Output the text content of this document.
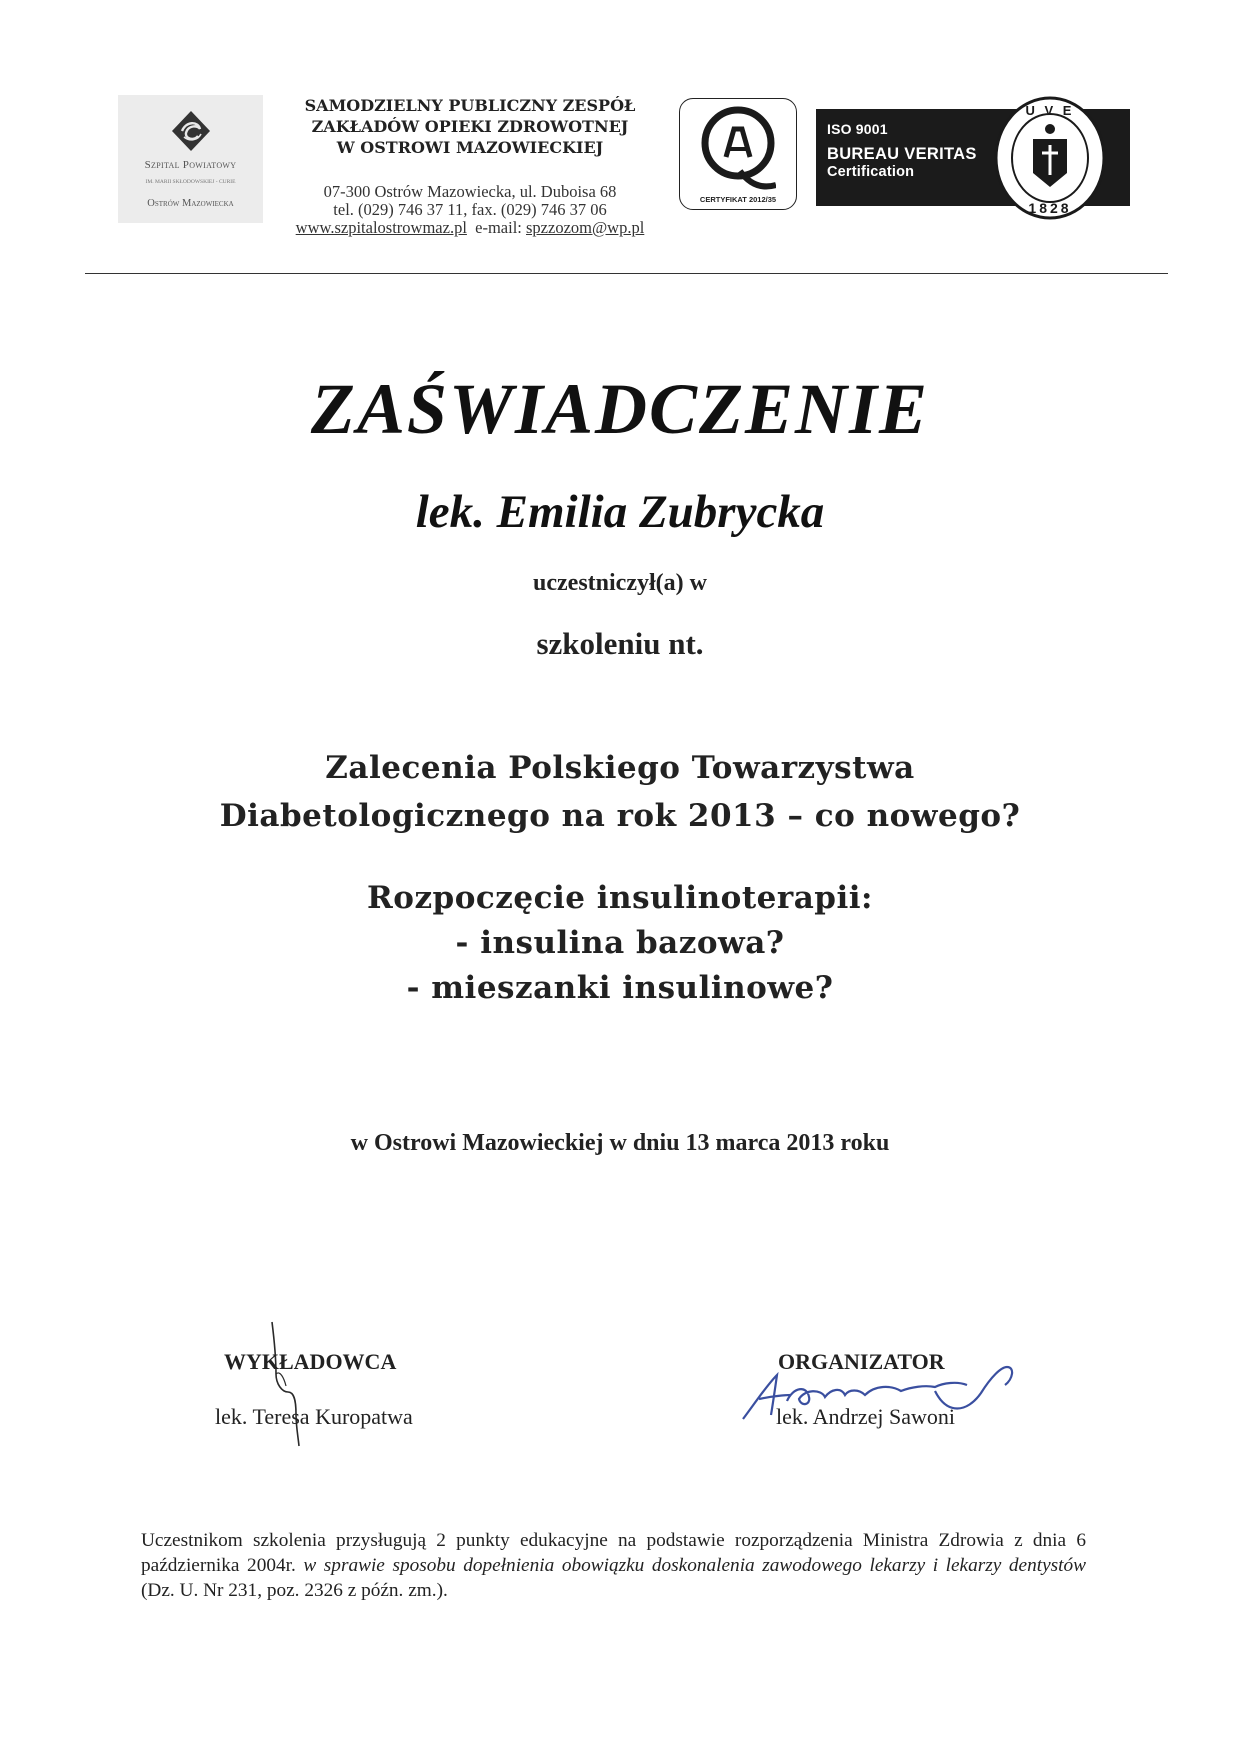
Szpital Powiatowy
IM. MARII SKŁODOWSKIEJ - CURIE
Ostrów Mazowiecka
SAMODZIELNY PUBLICZNY ZESPÓŁ
ZAKŁADÓW OPIEKI ZDROWOTNEJ
W OSTROWI MAZOWIECKIEJ
07-300 Ostrów Mazowiecka, ul. Duboisa 68
tel. (029) 746 37 11, fax. (029) 746 37 06
www.szpitalostrowmaz.pl e-mail: spzzozom@wp.pl
CERTYFIKAT 2012/35
ISO 9001
BUREAU VERITAS
Certification
U V E
1828
ZAŚWIADCZENIE
lek. Emilia Zubrycka
uczestniczył(a) w
szkoleniu nt.
Zalecenia Polskiego Towarzystwa
Diabetologicznego na rok 2013 – co nowego?
Rozpoczęcie insulinoterapii:
- insulina bazowa?
- mieszanki insulinowe?
w Ostrowi Mazowieckiej w dniu 13 marca 2013 roku
WYKŁADOWCA
lek. Teresa Kuropatwa
ORGANIZATOR
lek. Andrzej Sawoni
Uczestnikom szkolenia przysługują 2 punkty edukacyjne na podstawie rozporządzenia Ministra Zdrowia z dnia 6 października 2004r. w sprawie sposobu dopełnienia obowiązku doskonalenia zawodowego lekarzy i lekarzy dentystów (Dz. U. Nr 231, poz. 2326 z późn. zm.).
